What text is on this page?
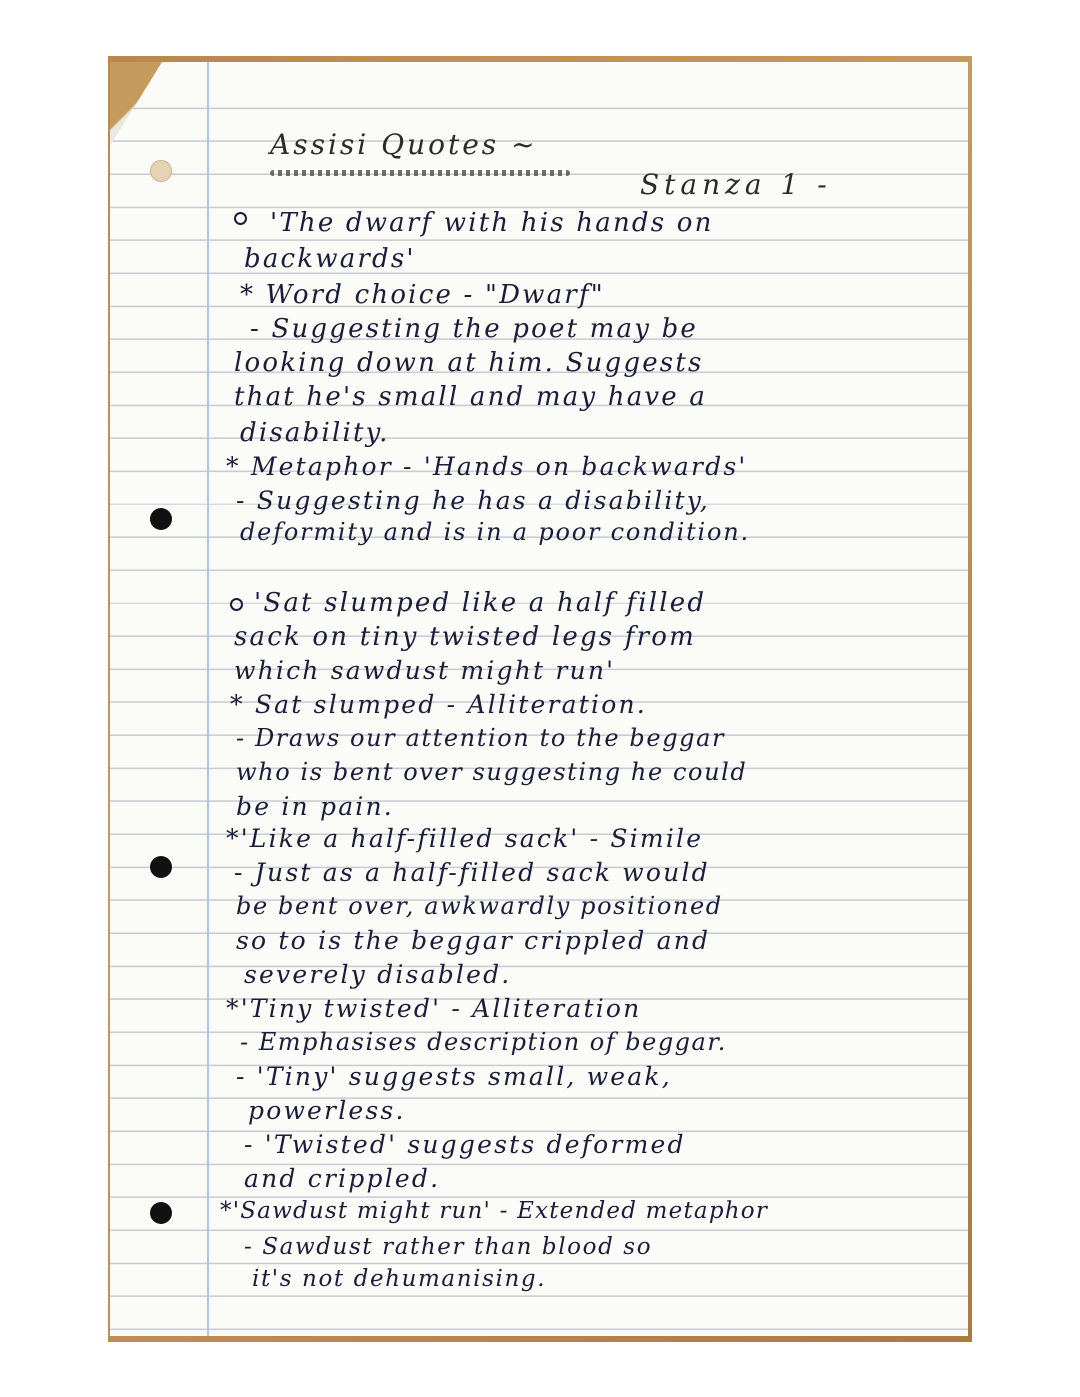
Assisi Quotes ~
Stanza 1 -
'The dwarf with his hands on
backwards'
* Word choice - "Dwarf"
- Suggesting the poet may be
looking down at him. Suggests
that he's small and may have a
disability.
* Metaphor - 'Hands on backwards'
- Suggesting he has a disability,
deformity and is in a poor condition.
'Sat slumped like a half filled
sack on tiny twisted legs from
which sawdust might run'
* Sat slumped - Alliteration.
- Draws our attention to the beggar
who is bent over suggesting he could
be in pain.
*'Like a half-filled sack' - Simile
- Just as a half-filled sack would
be bent over, awkwardly positioned
so to is the beggar crippled and
severely disabled.
*'Tiny twisted' - Alliteration
- Emphasises description of beggar.
- 'Tiny' suggests small, weak,
powerless.
- 'Twisted' suggests deformed
and crippled.
*'Sawdust might run' - Extended metaphor
- Sawdust rather than blood so
it's not dehumanising.
